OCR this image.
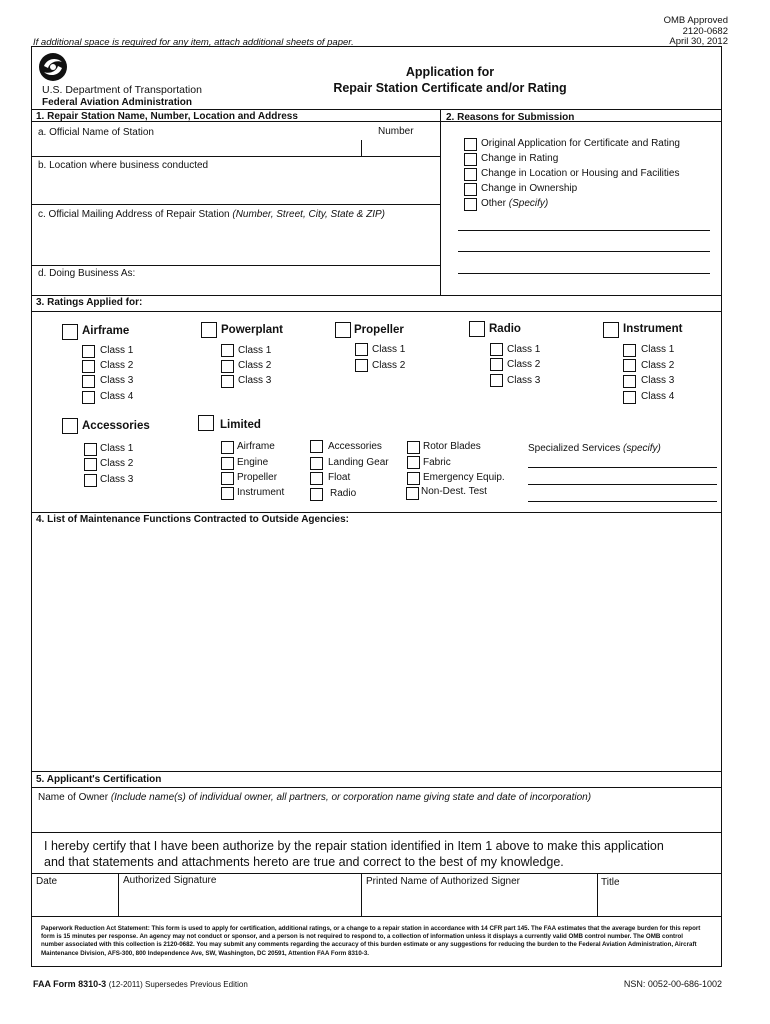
OMB Approved
2120-0682
April 30, 2012
If additional space is required for any item, attach additional sheets of paper.
U.S. Department of Transportation
Federal Aviation Administration
Application for
Repair Station Certificate and/or Rating
1. Repair Station Name, Number, Location and Address	2. Reasons for Submission
a. Official Name of Station	Number
b. Location where business conducted
c. Official Mailing Address of Repair Station (Number, Street, City, State & ZIP)
d. Doing Business As:
Original Application for Certificate and Rating
Change in Rating
Change in Location or Housing and Facilities
Change in Ownership
Other (Specify)
3. Ratings Applied for:
Airframe
Class 1
Class 2
Class 3
Class 4
Powerplant
Class 1
Class 2
Class 3
Propeller
Class 1
Class 2
Radio
Class 1
Class 2
Class 3
Instrument
Class 1
Class 2
Class 3
Class 4
Accessories
Class 1
Class 2
Class 3
Limited
Airframe
Engine
Propeller
Instrument
Accessories
Landing Gear
Float
Radio
Rotor Blades
Fabric
Emergency Equip.
Non-Dest. Test
Specialized Services (specify)
4. List of Maintenance Functions Contracted to Outside Agencies:
5. Applicant's Certification
Name of Owner (Include name(s) of individual owner, all partners, or corporation name giving state and date of incorporation)
I hereby certify that I have been authorize by the repair station identified in Item 1 above to make this application
and that statements and attachments hereto are true and correct to the best of my knowledge.
Date	Authorized Signature	Printed Name of Authorized Signer	Title
Paperwork Reduction Act Statement: This form is used to apply for certification, additional ratings, or a change to a repair station in accordance with 14 CFR part 145. The FAA estimates that the average burden for this report
form is 15 minutes per response. An agency may not conduct or sponsor, and a person is not required to respond to, a collection of information unless it displays a currently valid OMB control number. The OMB control
number associated with this collection is 2120-0682. You may submit any comments regarding the accuracy of this burden estimate or any suggestions for reducing the burden to the Federal Aviation Administration, Aircraft
Maintenance Division, AFS-300, 800 Independence Ave, SW, Washington, DC 20591, Attention FAA Form 8310-3.
FAA Form 8310-3 (12-2011) Supersedes Previous Edition	NSN: 0052-00-686-1002
